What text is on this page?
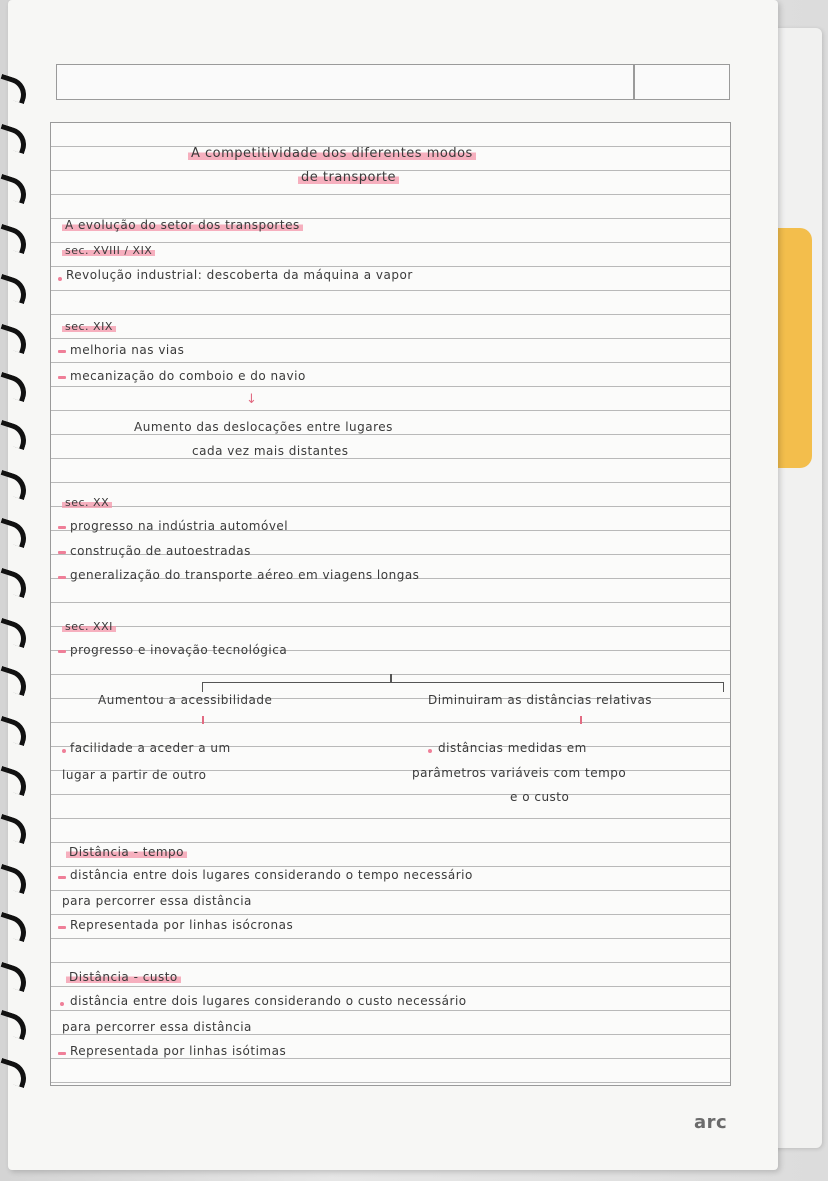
A competitividade dos diferentes modos
de transporte
A evolução do setor dos transportes
sec. XVIII / XIX
Revolução industrial: descoberta da máquina a vapor
sec. XIX
melhoria nas vias
mecanização do comboio e do navio
↓
Aumento das deslocações entre lugares
cada vez mais distantes
sec. XX
progresso na indústria automóvel
construção de autoestradas
generalização do transporte aéreo em viagens longas
sec. XXI
progresso e inovação tecnológica
Aumentou a acessibilidade	Diminuiram as distâncias relativas
facilidade a aceder a um
lugar a partir de outro
distâncias medidas em
parâmetros variáveis com tempo
e o custo
Distância - tempo
distância entre dois lugares considerando o tempo necessário
para percorrer essa distância
Representada por linhas isócronas
Distância - custo
distância entre dois lugares considerando o custo necessário
para percorrer essa distância
Representada por linhas isótimas
arc
